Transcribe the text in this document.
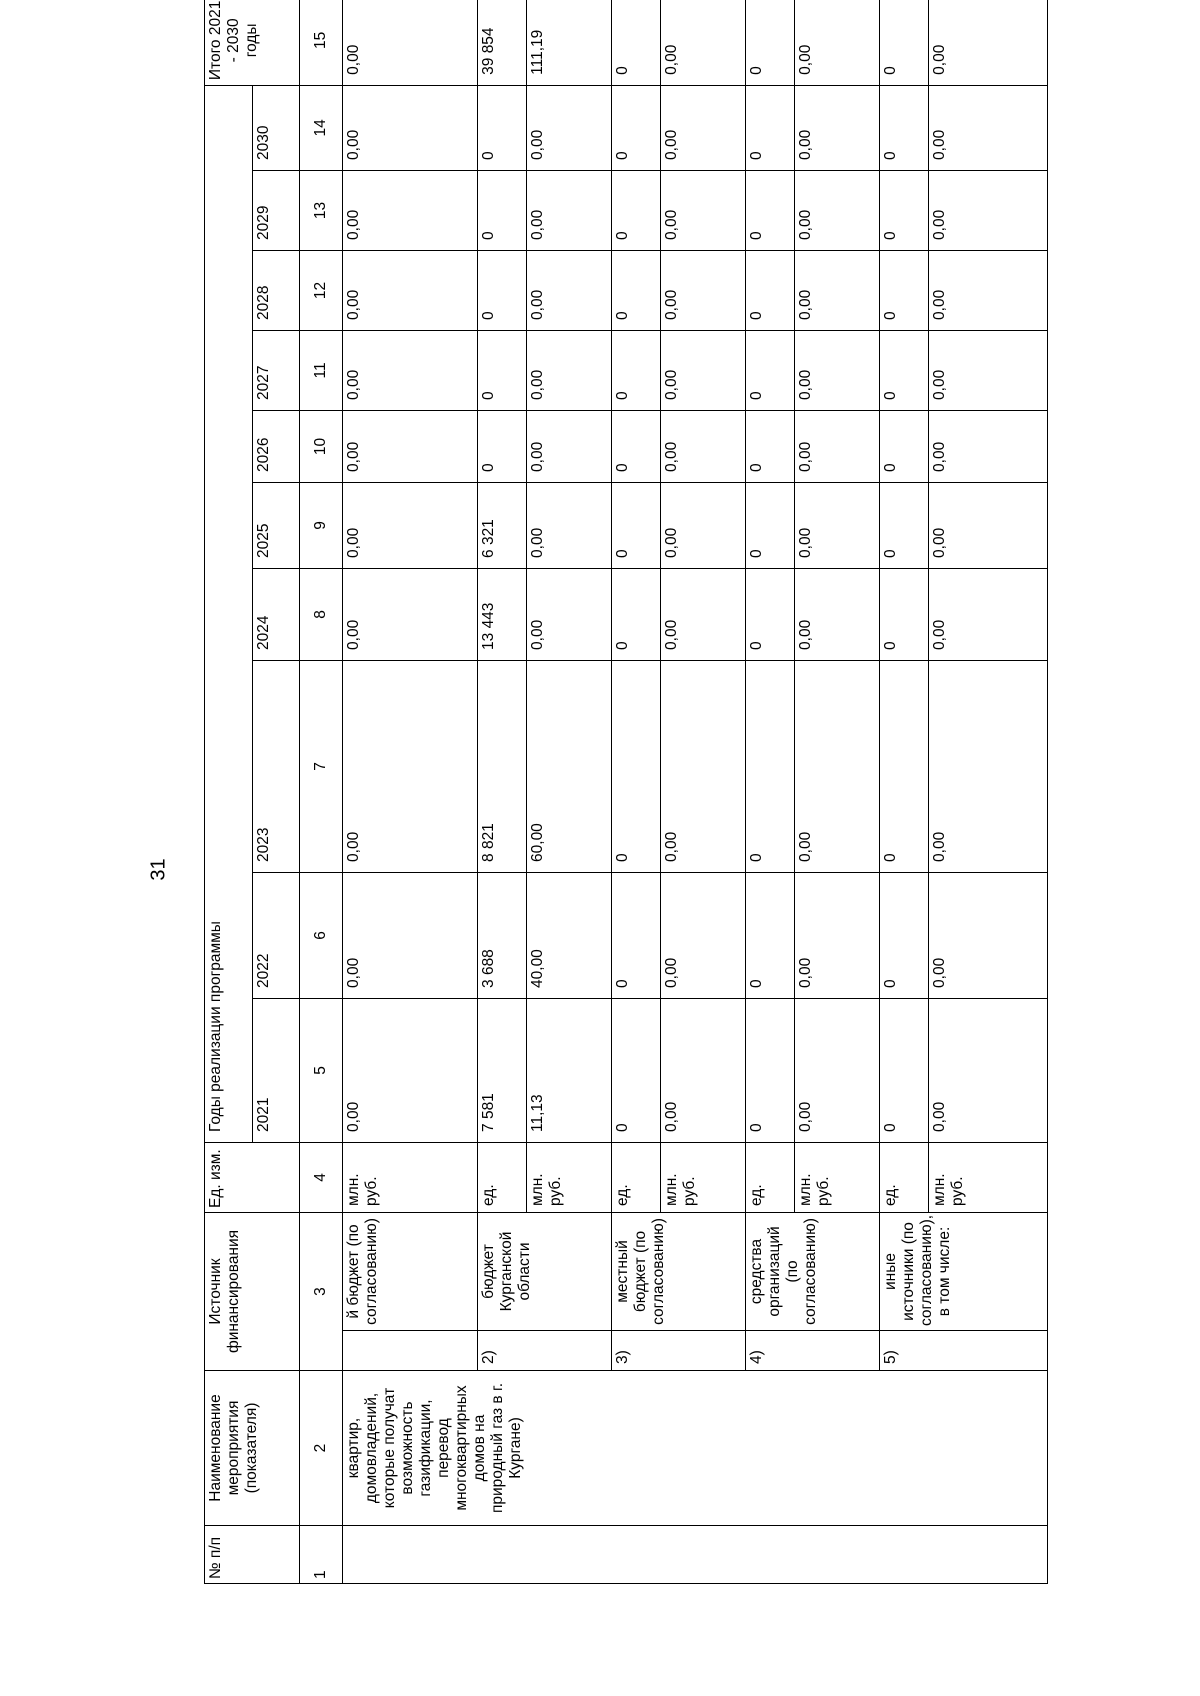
31
№ п/п	Наименование мероприятия (показателя)	Источник финансирования		Ед. изм.	Годы реализации программы										Итого 2021 - 2030 годы	
					2021	2022	2023	2024	2025	2026	2027	2028	2029	2030		
1	2	3		4	5	6	7	8	9	10	11	12	13	14	15	
	квартир, домовладений, которые получат возможность газификации, перевод многоквартирных домов на природный газ в г. Кургане)		й бюджет (по согласованию)	млн. руб.	0,00	0,00	0,00	0,00	0,00	0,00	0,00	0,00	0,00	0,00	0,00	
		2)	бюджет Курганской области	ед.	7 581	3 688	8 821	13 443	6 321	0	0	0	0	0	39 854	
				млн. руб.	11,13	40,00	60,00	0,00	0,00	0,00	0,00	0,00	0,00	0,00	111,19	
		3)	местный бюджет (по согласованию)	ед.	0	0	0	0	0	0	0	0	0	0	0	
				млн. руб.	0,00	0,00	0,00	0,00	0,00	0,00	0,00	0,00	0,00	0,00	0,00	
		4)	средства организаций (по согласованию)	ед.	0	0	0	0	0	0	0	0	0	0	0	
				млн. руб.	0,00	0,00	0,00	0,00	0,00	0,00	0,00	0,00	0,00	0,00	0,00	
		5)	иные источники (по согласованию), в том числе:	ед.	0	0	0	0	0	0	0	0	0	0	0	
				млн. руб.	0,00	0,00	0,00	0,00	0,00	0,00	0,00	0,00	0,00	0,00	0,00	
